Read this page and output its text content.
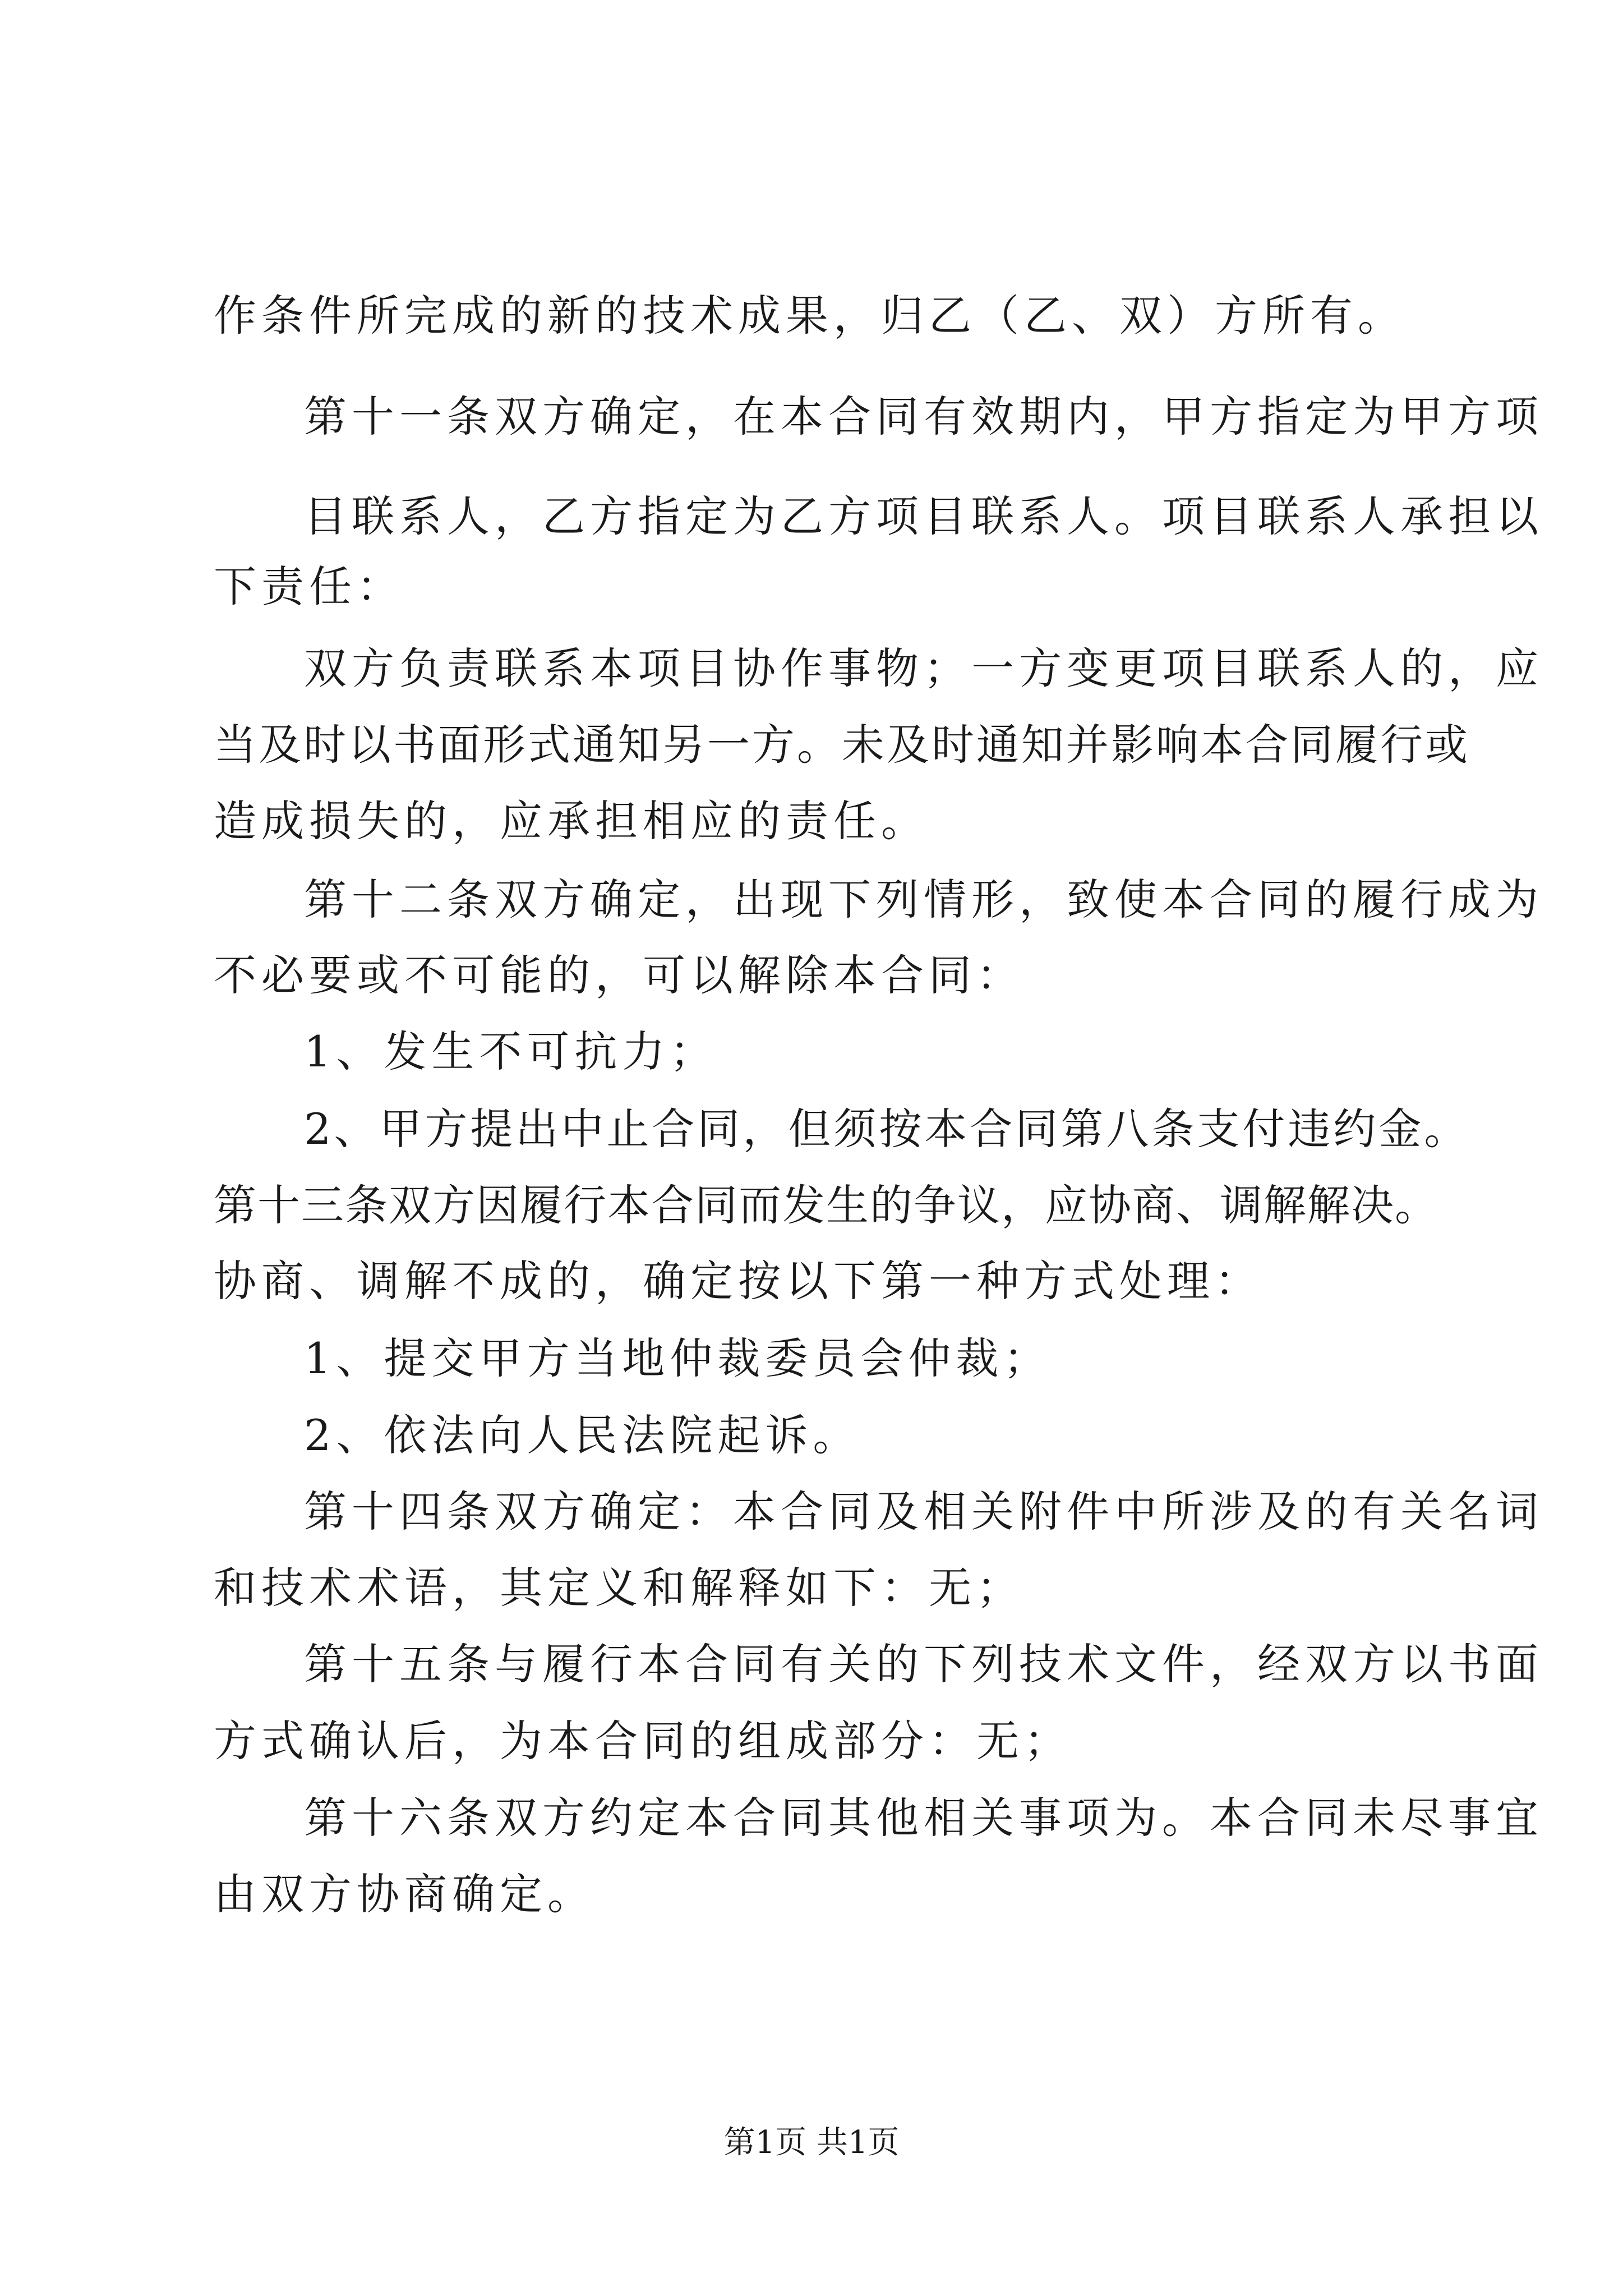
作条件所完成的新的技术成果，归乙（乙、双）方所有。

第十一条双方确定，在本合同有效期内，甲方指定为甲方项

目联系人，乙方指定为乙方项目联系人。项目联系人承担以

下责任：

双方负责联系本项目协作事物；一方变更项目联系人的，应

当及时以书面形式通知另一方。未及时通知并影响本合同履行或

造成损失的，应承担相应的责任。

第十二条双方确定，出现下列情形，致使本合同的履行成为

不必要或不可能的，可以解除本合同：

1、发生不可抗力；

2、甲方提出中止合同，但须按本合同第八条支付违约金。

第十三条双方因履行本合同而发生的争议，应协商、调解解决。

协商、调解不成的，确定按以下第一种方式处理：

1、提交甲方当地仲裁委员会仲裁；

2、依法向人民法院起诉。

第十四条双方确定：本合同及相关附件中所涉及的有关名词

和技术术语，其定义和解释如下：无；

第十五条与履行本合同有关的下列技术文件，经双方以书面

方式确认后，为本合同的组成部分：无；

第十六条双方约定本合同其他相关事项为。本合同未尽事宜

由双方协商确定。

第1页 共1页
